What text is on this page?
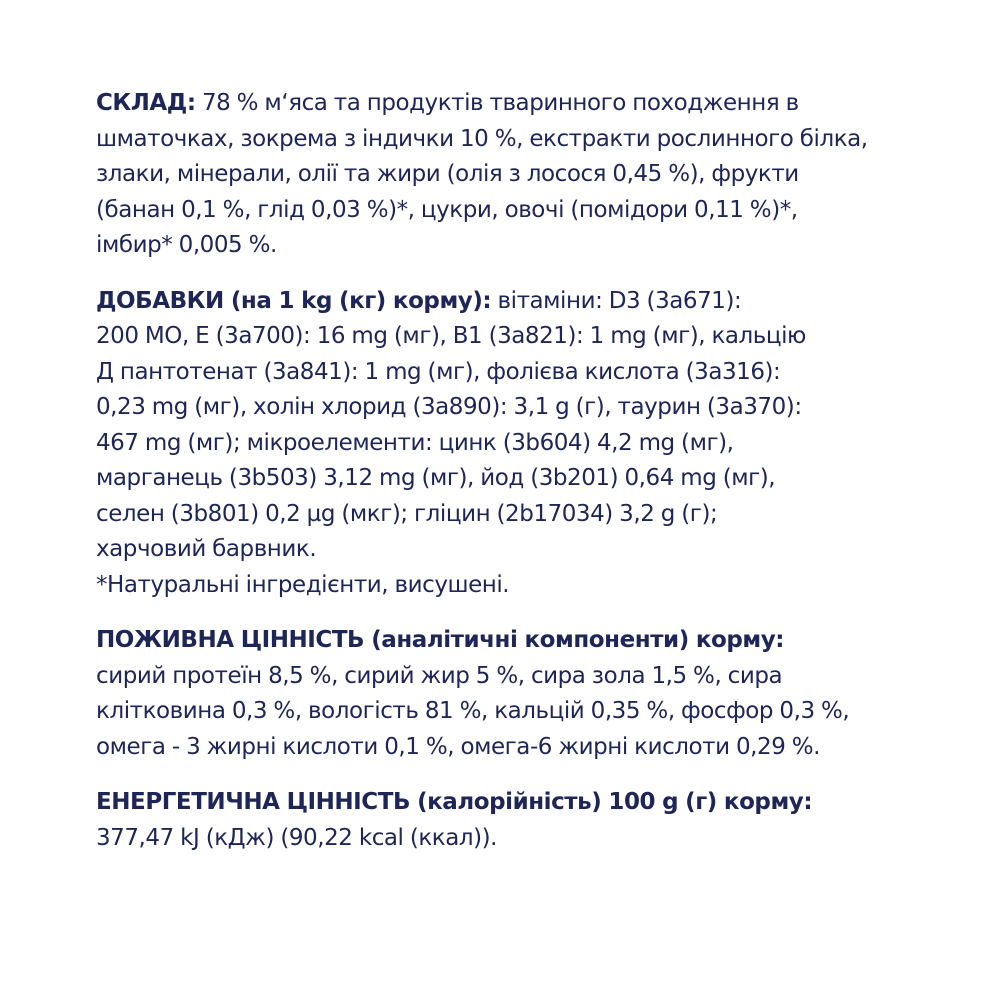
СКЛАД: 78 % м‘яса та продуктів тваринного походження в
шматочках, зокрема з індички 10 %, екстракти рослинного білка,
злаки, мінерали, олії та жири (олія з лосося 0,45 %), фрукти
(банан 0,1 %, глід 0,03 %)*, цукри, овочі (помідори 0,11 %)*,
імбир* 0,005 %.
ДОБАВКИ (на 1 kg (кг) корму): вітаміни: D3 (3а671):
200 МО, Е (3а700): 16 mg (мг), В1 (3а821): 1 mg (мг), кальцію
Д пантотенат (3а841): 1 mg (мг), фолієва кислота (3а316):
0,23 mg (мг), холін хлорид (3а890): 3,1 g (г), таурин (3а370):
467 mg (мг); мікроелементи: цинк (3b604) 4,2 mg (мг),
марганець (3b503) 3,12 mg (мг), йод (3b201) 0,64 mg (мг),
селен (3b801) 0,2 µg (мкг); гліцин (2b17034) 3,2 g (г);
харчовий барвник.
*Натуральні інгредієнти, висушені.
ПОЖИВНА ЦІННІСТЬ (аналітичні компоненти) корму:
сирий протеїн 8,5 %, сирий жир 5 %, сира зола 1,5 %, сира
клітковина 0,3 %, вологість 81 %, кальцій 0,35 %, фосфор 0,3 %,
омега - 3 жирні кислоти 0,1 %, омега-6 жирні кислоти 0,29 %.
ЕНЕРГЕТИЧНА ЦІННІСТЬ (калорійність) 100 g (г) корму:
377,47 kJ (кДж) (90,22 kcal (ккал)).
